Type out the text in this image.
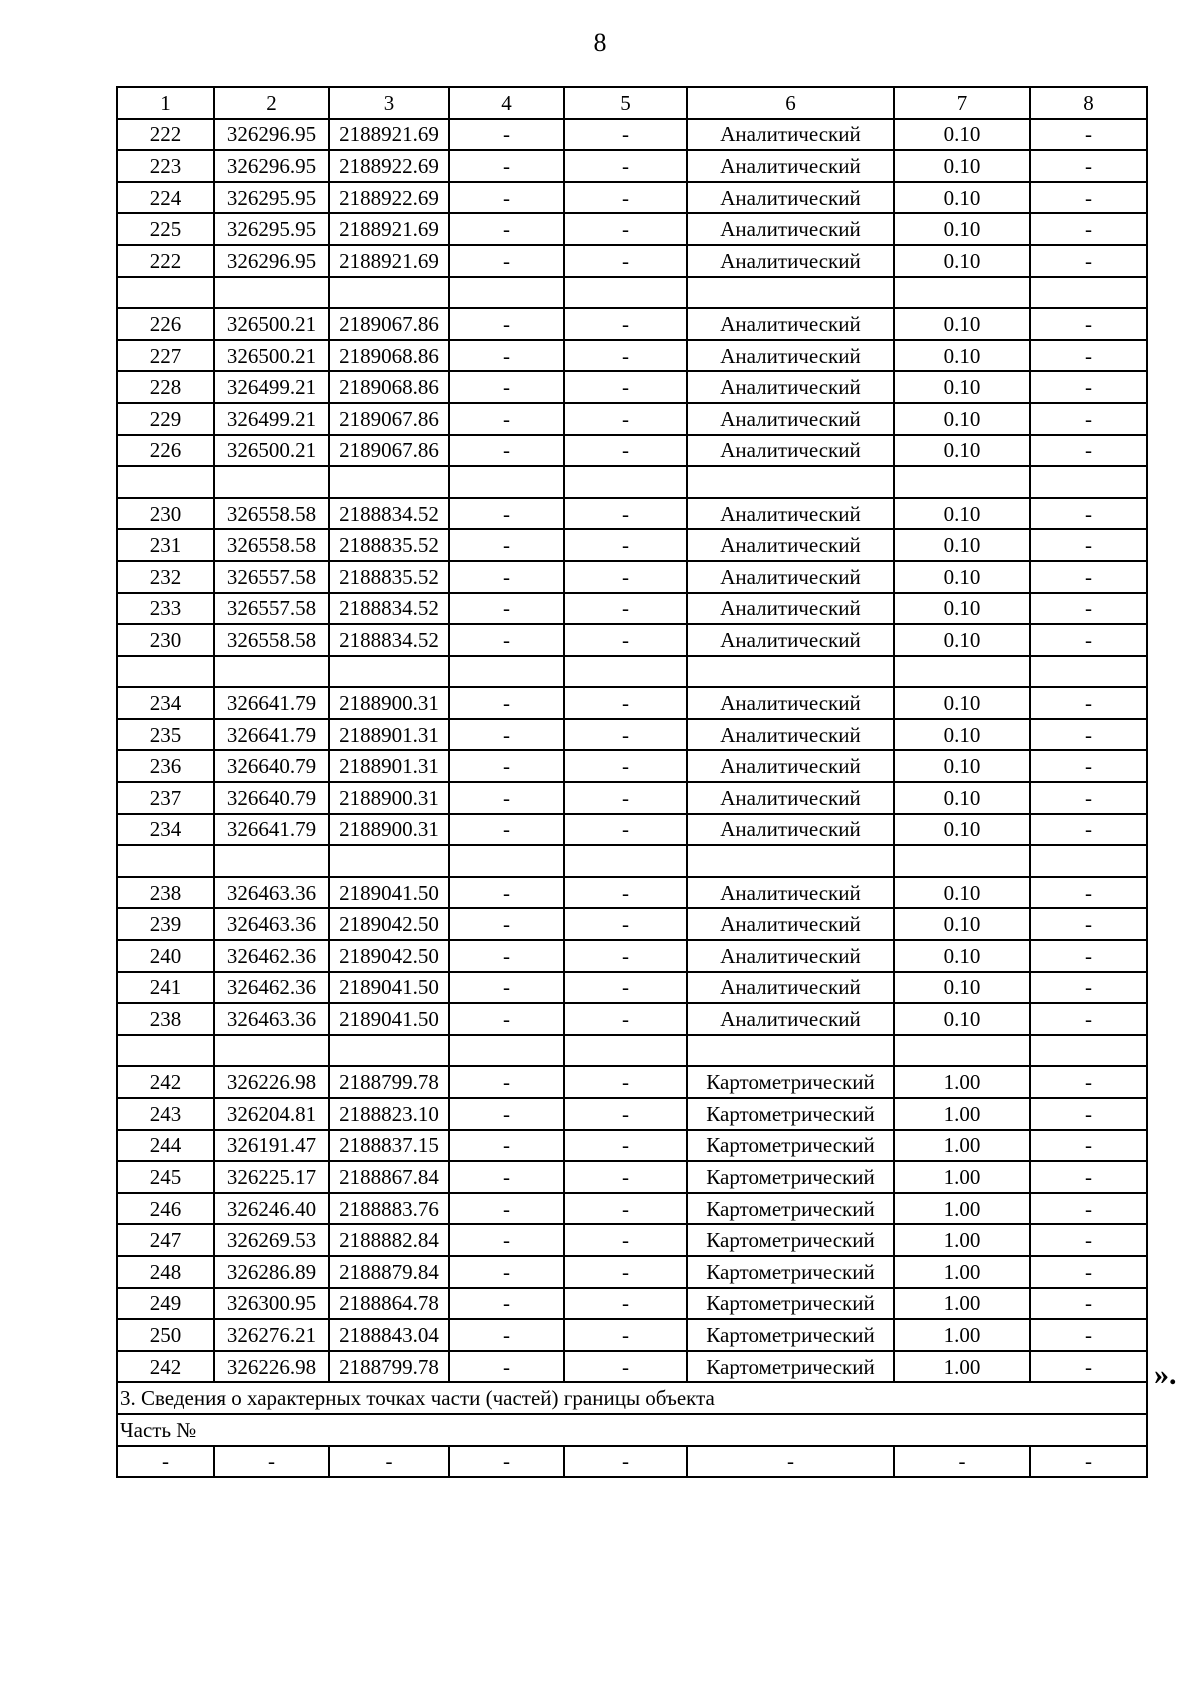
8
1	2	3	4	5	6	7	8
222	326296.95	2188921.69	-	-	Аналитический	0.10	-
223	326296.95	2188922.69	-	-	Аналитический	0.10	-
224	326295.95	2188922.69	-	-	Аналитический	0.10	-
225	326295.95	2188921.69	-	-	Аналитический	0.10	-
222	326296.95	2188921.69	-	-	Аналитический	0.10	-

226	326500.21	2189067.86	-	-	Аналитический	0.10	-
227	326500.21	2189068.86	-	-	Аналитический	0.10	-
228	326499.21	2189068.86	-	-	Аналитический	0.10	-
229	326499.21	2189067.86	-	-	Аналитический	0.10	-
226	326500.21	2189067.86	-	-	Аналитический	0.10	-

230	326558.58	2188834.52	-	-	Аналитический	0.10	-
231	326558.58	2188835.52	-	-	Аналитический	0.10	-
232	326557.58	2188835.52	-	-	Аналитический	0.10	-
233	326557.58	2188834.52	-	-	Аналитический	0.10	-
230	326558.58	2188834.52	-	-	Аналитический	0.10	-

234	326641.79	2188900.31	-	-	Аналитический	0.10	-
235	326641.79	2188901.31	-	-	Аналитический	0.10	-
236	326640.79	2188901.31	-	-	Аналитический	0.10	-
237	326640.79	2188900.31	-	-	Аналитический	0.10	-
234	326641.79	2188900.31	-	-	Аналитический	0.10	-

238	326463.36	2189041.50	-	-	Аналитический	0.10	-
239	326463.36	2189042.50	-	-	Аналитический	0.10	-
240	326462.36	2189042.50	-	-	Аналитический	0.10	-
241	326462.36	2189041.50	-	-	Аналитический	0.10	-
238	326463.36	2189041.50	-	-	Аналитический	0.10	-

242	326226.98	2188799.78	-	-	Картометрический	1.00	-
243	326204.81	2188823.10	-	-	Картометрический	1.00	-
244	326191.47	2188837.15	-	-	Картометрический	1.00	-
245	326225.17	2188867.84	-	-	Картометрический	1.00	-
246	326246.40	2188883.76	-	-	Картометрический	1.00	-
247	326269.53	2188882.84	-	-	Картометрический	1.00	-
248	326286.89	2188879.84	-	-	Картометрический	1.00	-
249	326300.95	2188864.78	-	-	Картометрический	1.00	-
250	326276.21	2188843.04	-	-	Картометрический	1.00	-
242	326226.98	2188799.78	-	-	Картометрический	1.00	-
3. Сведения о характерных точках части (частей) границы объекта							
Часть №							
-	-	-	-	-	-	-	-
».
